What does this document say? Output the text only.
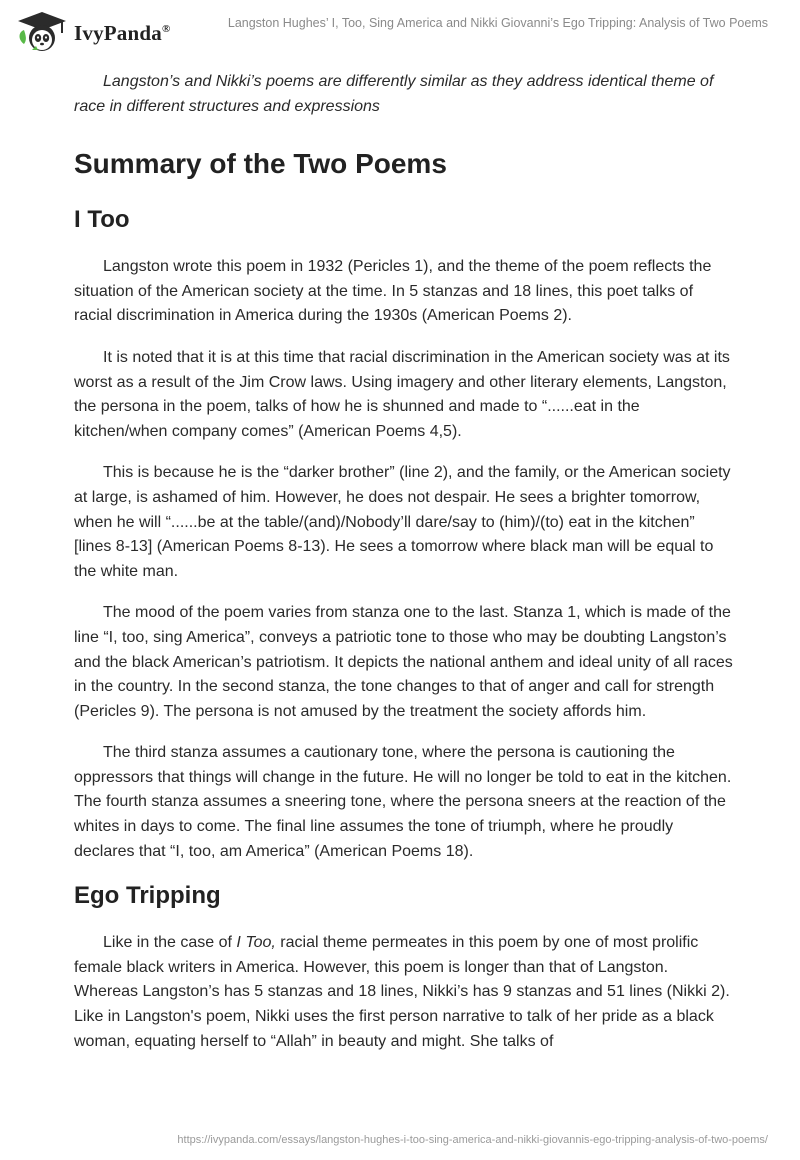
IvyPanda®	Langston Hughes’ I, Too, Sing America and Nikki Giovanni’s Ego Tripping: Analysis of Two Poems

Langston’s and Nikki’s poems are differently similar as they address identical theme of race in different structures and expressions

Summary of the Two Poems
I Too

Langston wrote this poem in 1932 (Pericles 1), and the theme of the poem reflects the situation of the American society at the time. In 5 stanzas and 18 lines, this poet talks of racial discrimination in America during the 1930s (American Poems 2).

It is noted that it is at this time that racial discrimination in the American society was at its worst as a result of the Jim Crow laws. Using imagery and other literary elements, Langston, the persona in the poem, talks of how he is shunned and made to “......eat in the kitchen/when company comes” (American Poems 4,5).

This is because he is the “darker brother” (line 2), and the family, or the American society at large, is ashamed of him. However, he does not despair. He sees a brighter tomorrow, when he will “......be at the table/(and)/Nobody’ll dare/say to (him)/(to) eat in the kitchen” [lines 8-13] (American Poems 8-13). He sees a tomorrow where black man will be equal to the white man.

The mood of the poem varies from stanza one to the last. Stanza 1, which is made of the line “I, too, sing America”, conveys a patriotic tone to those who may be doubting Langston’s and the black American’s patriotism. It depicts the national anthem and ideal unity of all races in the country. In the second stanza, the tone changes to that of anger and call for strength (Pericles 9). The persona is not amused by the treatment the society affords him.

The third stanza assumes a cautionary tone, where the persona is cautioning the oppressors that things will change in the future. He will no longer be told to eat in the kitchen. The fourth stanza assumes a sneering tone, where the persona sneers at the reaction of the whites in days to come. The final line assumes the tone of triumph, where he proudly declares that “I, too, am America” (American Poems 18).

Ego Tripping

Like in the case of I Too, racial theme permeates in this poem by one of most prolific female black writers in America. However, this poem is longer than that of Langston. Whereas Langston’s has 5 stanzas and 18 lines, Nikki’s has 9 stanzas and 51 lines (Nikki 2). Like in Langston's poem, Nikki uses the first person narrative to talk of her pride as a black woman, equating herself to “Allah” in beauty and might. She talks of

https://ivypanda.com/essays/langston-hughes-i-too-sing-america-and-nikki-giovannis-ego-tripping-analysis-of-two-poems/
